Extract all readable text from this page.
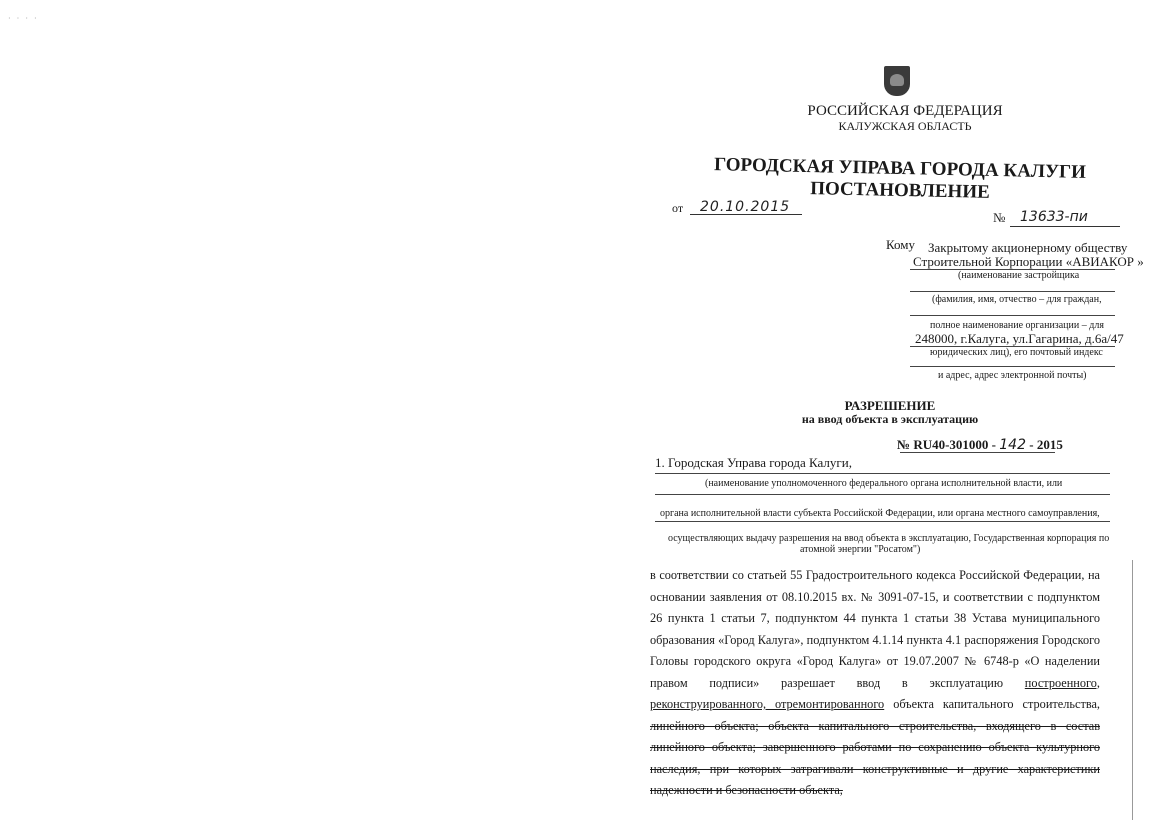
· · · ·
РОССИЙСКАЯ ФЕДЕРАЦИЯ
КАЛУЖСКАЯ ОБЛАСТЬ
ГОРОДСКАЯ УПРАВА ГОРОДА КАЛУГИ
ПОСТАНОВЛЕНИЕ
от 20.10.2015
№ 13633-пи
Кому Закрытому акционерному обществу
Строительной Корпорации «АВИАКОР »
(наименование застройщика
(фамилия, имя, отчество – для граждан,
полное наименование организации – для
248000, г.Калуга, ул.Гагарина, д.6а/47
юридических лиц), его почтовый индекс
и адрес, адрес электронной почты)
РАЗРЕШЕНИЕ
на ввод объекта в эксплуатацию
№ RU40-301000 - 142 - 2015
1. Городская Управа города Калуги,
(наименование уполномоченного федерального органа исполнительной власти, или
органа исполнительной власти субъекта Российской Федерации, или органа местного самоуправления,
осуществляющих выдачу разрешения на ввод объекта в эксплуатацию, Государственная корпорация по
атомной энергии "Росатом")
в соответствии со статьей 55 Градостроительного кодекса Российской Федерации, на основании заявления от 08.10.2015 вх. № 3091-07-15, и соответствии с подпунктом 26 пункта 1 статьи 7, подпунктом 44 пункта 1 статьи 38 Устава муниципального образования «Город Калуга», подпунктом 4.1.14 пункта 4.1 распоряжения Городского Головы городского округа «Город Калуга» от 19.07.2007 № 6748-р «О наделении правом подписи» разрешает ввод в эксплуатацию построенного, реконструированного, отремонтированного объекта капитального строительства, линейного объекта; объекта капитального строительства, входящего в состав линейного объекта; завершенного работами по сохранению объекта культурного наследия, при которых затрагивали конструктивные и другие характеристики надежности и безопасности объекта,
